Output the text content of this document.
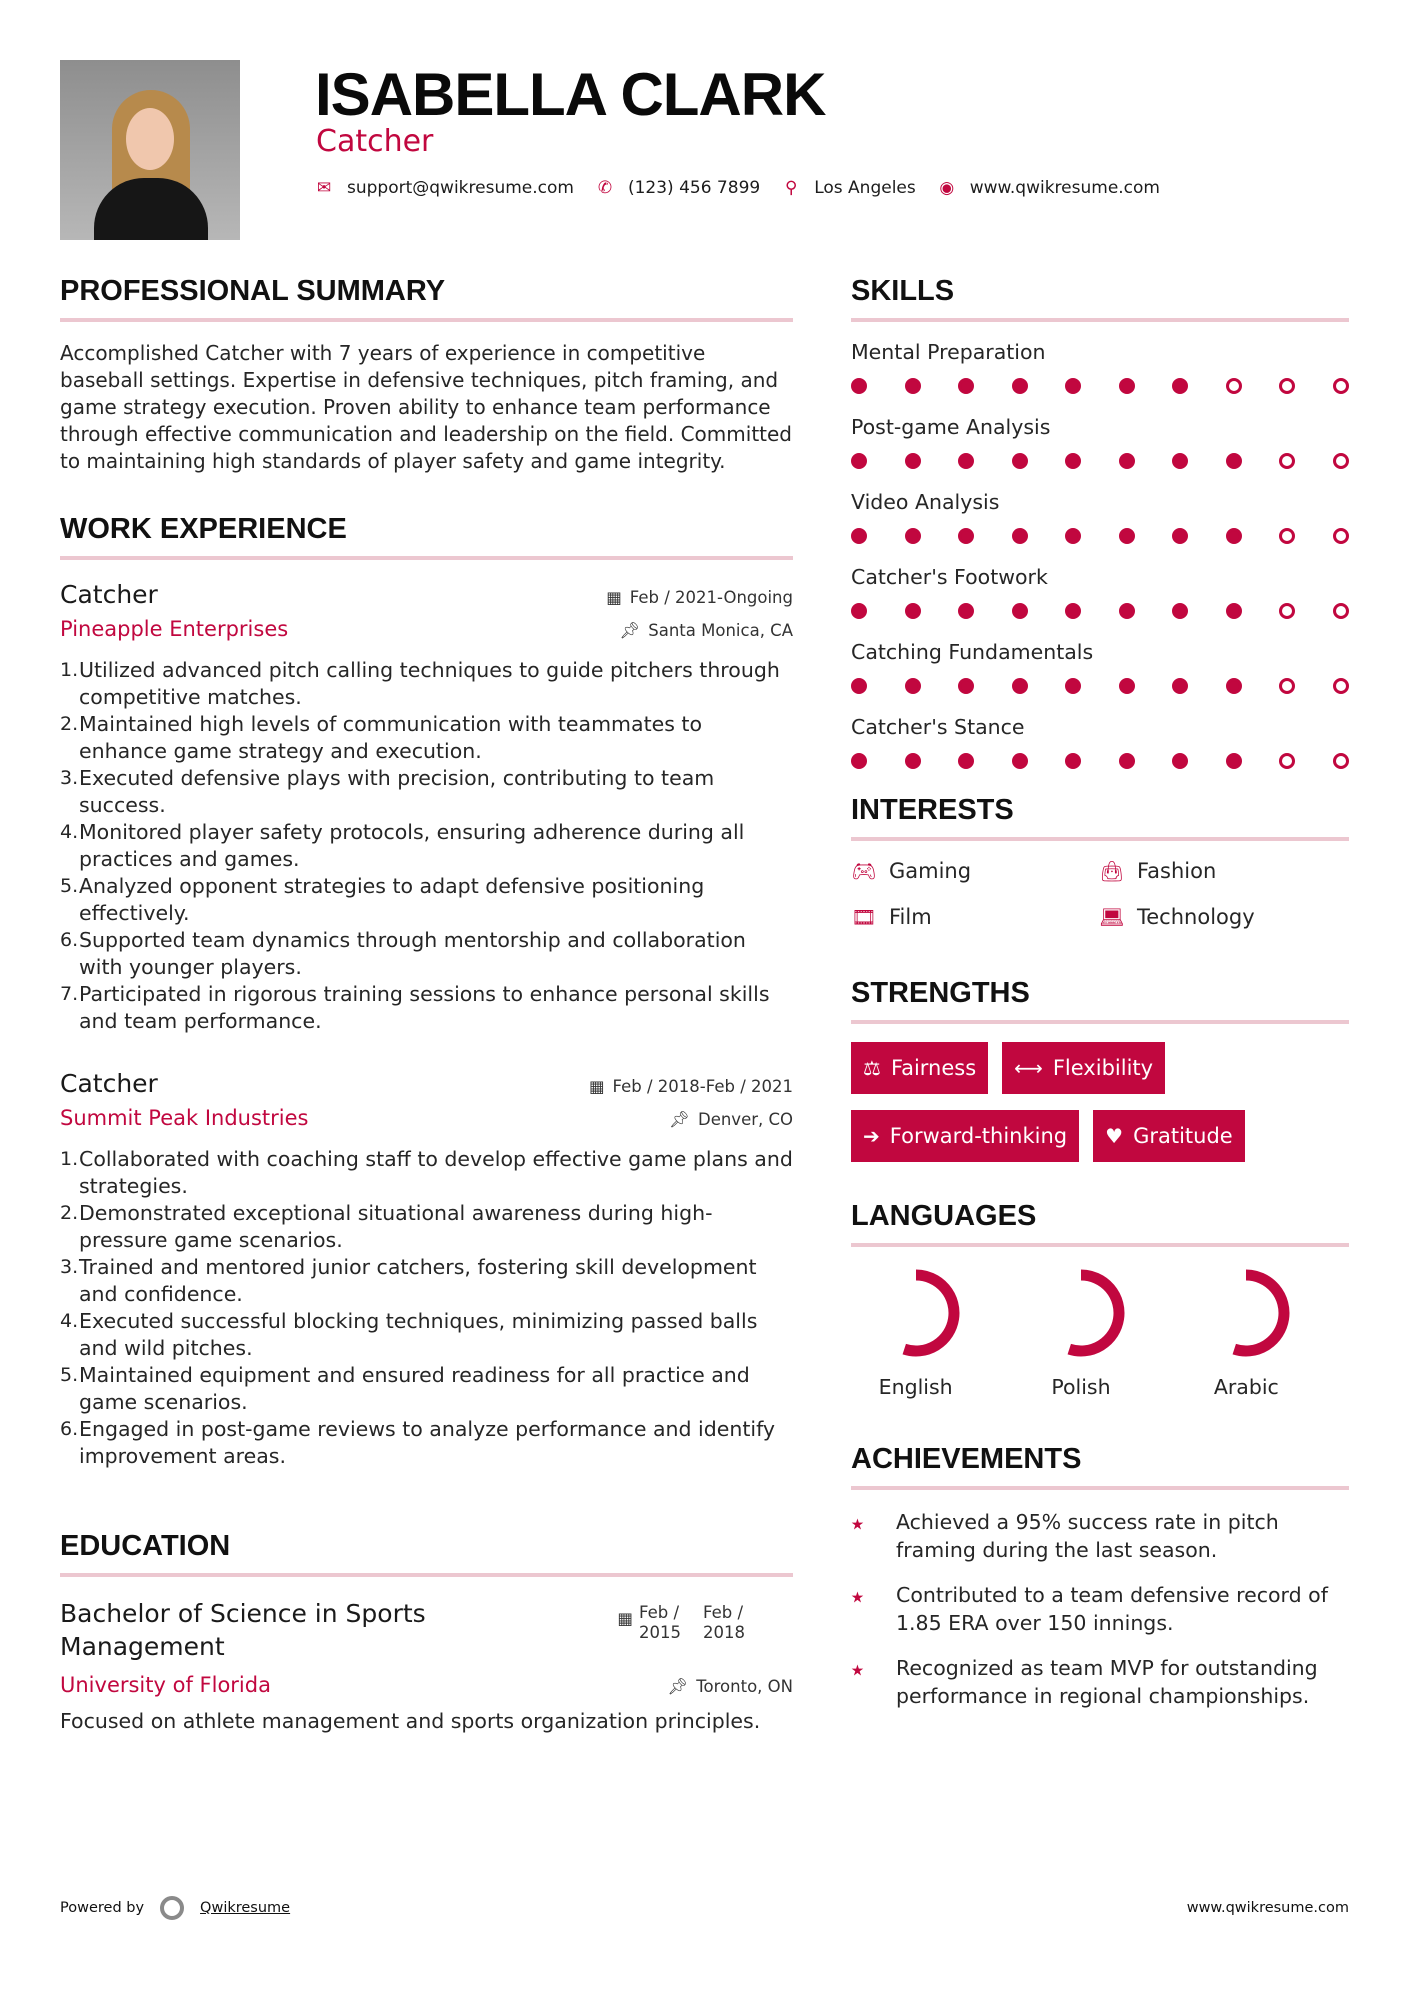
ISABELLA CLARK
Catcher
✉ support@qwikresume.com ✆ (123) 456 7899 ⚲ Los Angeles ◉ www.qwikresume.com
PROFESSIONAL SUMMARY
Accomplished Catcher with 7 years of experience in competitive baseball settings. Expertise in defensive techniques, pitch framing, and game strategy execution. Proven ability to enhance team performance through effective communication and leadership on the field. Committed to maintaining high standards of player safety and game integrity.
WORK EXPERIENCE
Catcher	▦ Feb / 2021-Ongoing
Pineapple Enterprises	📌︎ Santa Monica, CA
1. Utilized advanced pitch calling techniques to guide pitchers through competitive matches.
2. Maintained high levels of communication with teammates to enhance game strategy and execution.
3. Executed defensive plays with precision, contributing to team success.
4. Monitored player safety protocols, ensuring adherence during all practices and games.
5. Analyzed opponent strategies to adapt defensive positioning effectively.
6. Supported team dynamics through mentorship and collaboration with younger players.
7. Participated in rigorous training sessions to enhance personal skills and team performance.
Catcher	▦ Feb / 2018-Feb / 2021
Summit Peak Industries	📌︎ Denver, CO
1. Collaborated with coaching staff to develop effective game plans and strategies.
2. Demonstrated exceptional situational awareness during high-pressure game scenarios.
3. Trained and mentored junior catchers, fostering skill development and confidence.
4. Executed successful blocking techniques, minimizing passed balls and wild pitches.
5. Maintained equipment and ensured readiness for all practice and game scenarios.
6. Engaged in post-game reviews to analyze performance and identify improvement areas.
EDUCATION
Bachelor of Science in Sports Management
▦ Feb /
2015
Feb /
2018
University of Florida	📌︎ Toronto, ON
Focused on athlete management and sports organization principles.
SKILLS
Mental Preparation
Post-game Analysis
Video Analysis
Catcher's Footwork
Catching Fundamentals
Catcher's Stance
INTERESTS
🎮︎ Gaming	👜︎ Fashion
🎞︎ Film	💻︎ Technology
STRENGTHS
⚖ Fairness ⟷ Flexibility
➔ Forward-thinking ♥ Gratitude
LANGUAGES
English	Polish	Arabic
ACHIEVEMENTS
⭑	Achieved a 95% success rate in pitch framing during the last season.
⭑	Contributed to a team defensive record of 1.85 ERA over 150 innings.
⭑	Recognized as team MVP for outstanding performance in regional championships.
Powered by	Qwikresume	www.qwikresume.com
